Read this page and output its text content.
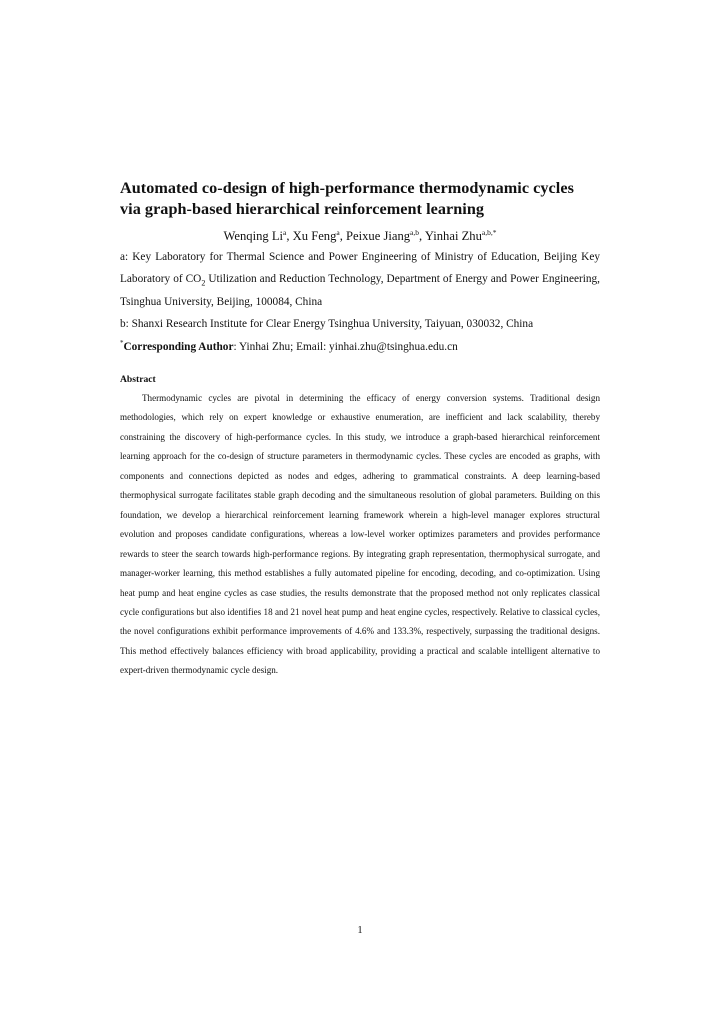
Automated co-design of high-performance thermodynamic cycles
via graph-based hierarchical reinforcement learning
Wenqing Li$^a$, Xu Feng$^a$, Peixue Jiang$^{a,b}$, Yinhai Zhu$^{a,b,*}$
a: Key Laboratory for Thermal Science and Power Engineering of Ministry of Education, Beijing Key Laboratory of $CO_2$ Utilization and Reduction Technology, Department of Energy and Power Engineering, Tsinghua University, Beijing, 100084, China
b: Shanxi Research Institute for Clear Energy Tsinghua University, Taiyuan, 030032, China
*Corresponding Author: Yinhai Zhu; Email: yinhai.zhu@tsinghua.edu.cn
Abstract

Thermodynamic cycles are pivotal in determining the efficacy of energy conversion systems. Traditional design methodologies, which rely on expert knowledge or exhaustive enumeration, are inefficient and lack scalability, thereby constraining the discovery of high-performance cycles. In this study, we introduce a graph-based hierarchical reinforcement learning approach for the co-design of structure parameters in thermodynamic cycles. These cycles are encoded as graphs, with components and connections depicted as nodes and edges, adhering to grammatical constraints. A deep learning-based thermophysical surrogate facilitates stable graph decoding and the simultaneous resolution of global parameters. Building on this foundation, we develop a hierarchical reinforcement learning framework wherein a high-level manager explores structural evolution and proposes candidate configurations, whereas a low-level worker optimizes parameters and provides performance rewards to steer the search towards high-performance regions. By integrating graph representation, thermophysical surrogate, and manager-worker learning, this method establishes a fully automated pipeline for encoding, decoding, and co-optimization. Using heat pump and heat engine cycles as case studies, the results demonstrate that the proposed method not only replicates classical cycle configurations but also identifies 18 and 21 novel heat pump and heat engine cycles, respectively. Relative to classical cycles, the novel configurations exhibit performance improvements of 4.6% and 133.3%, respectively, surpassing the traditional designs. This method effectively balances efficiency with broad applicability, providing a practical and scalable intelligent alternative to expert-driven thermodynamic cycle design.

1
